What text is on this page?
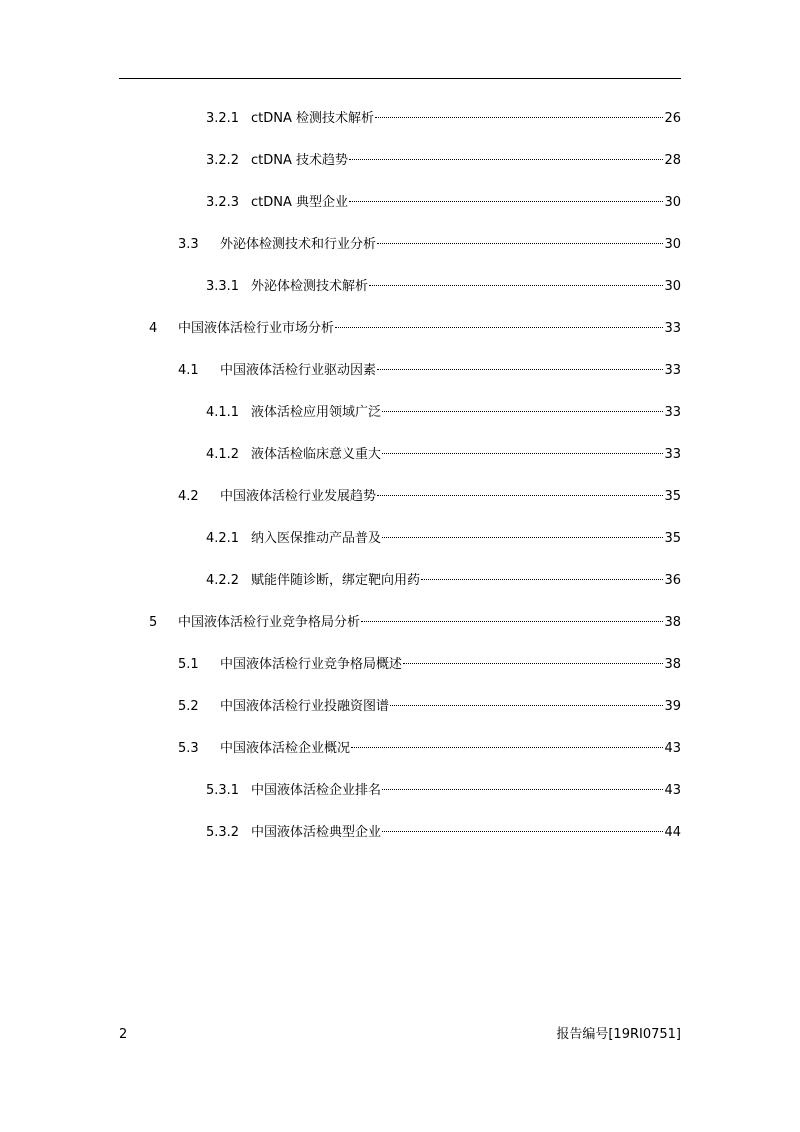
3.2.1 ctDNA 检测技术解析	26
3.2.2 ctDNA 技术趋势	28
3.2.3 ctDNA 典型企业	30
3.3 外泌体检测技术和行业分析	30
3.3.1 外泌体检测技术解析	30
4 中国液体活检行业市场分析	33
4.1 中国液体活检行业驱动因素	33
4.1.1 液体活检应用领域广泛	33
4.1.2 液体活检临床意义重大	33
4.2 中国液体活检行业发展趋势	35
4.2.1 纳入医保推动产品普及	35
4.2.2 赋能伴随诊断，绑定靶向用药	36
5 中国液体活检行业竞争格局分析	38
5.1 中国液体活检行业竞争格局概述	38
5.2 中国液体活检行业投融资图谱	39
5.3 中国液体活检企业概况	43
5.3.1 中国液体活检企业排名	43
5.3.2 中国液体活检典型企业	44
2	报告编号[19RI0751]
